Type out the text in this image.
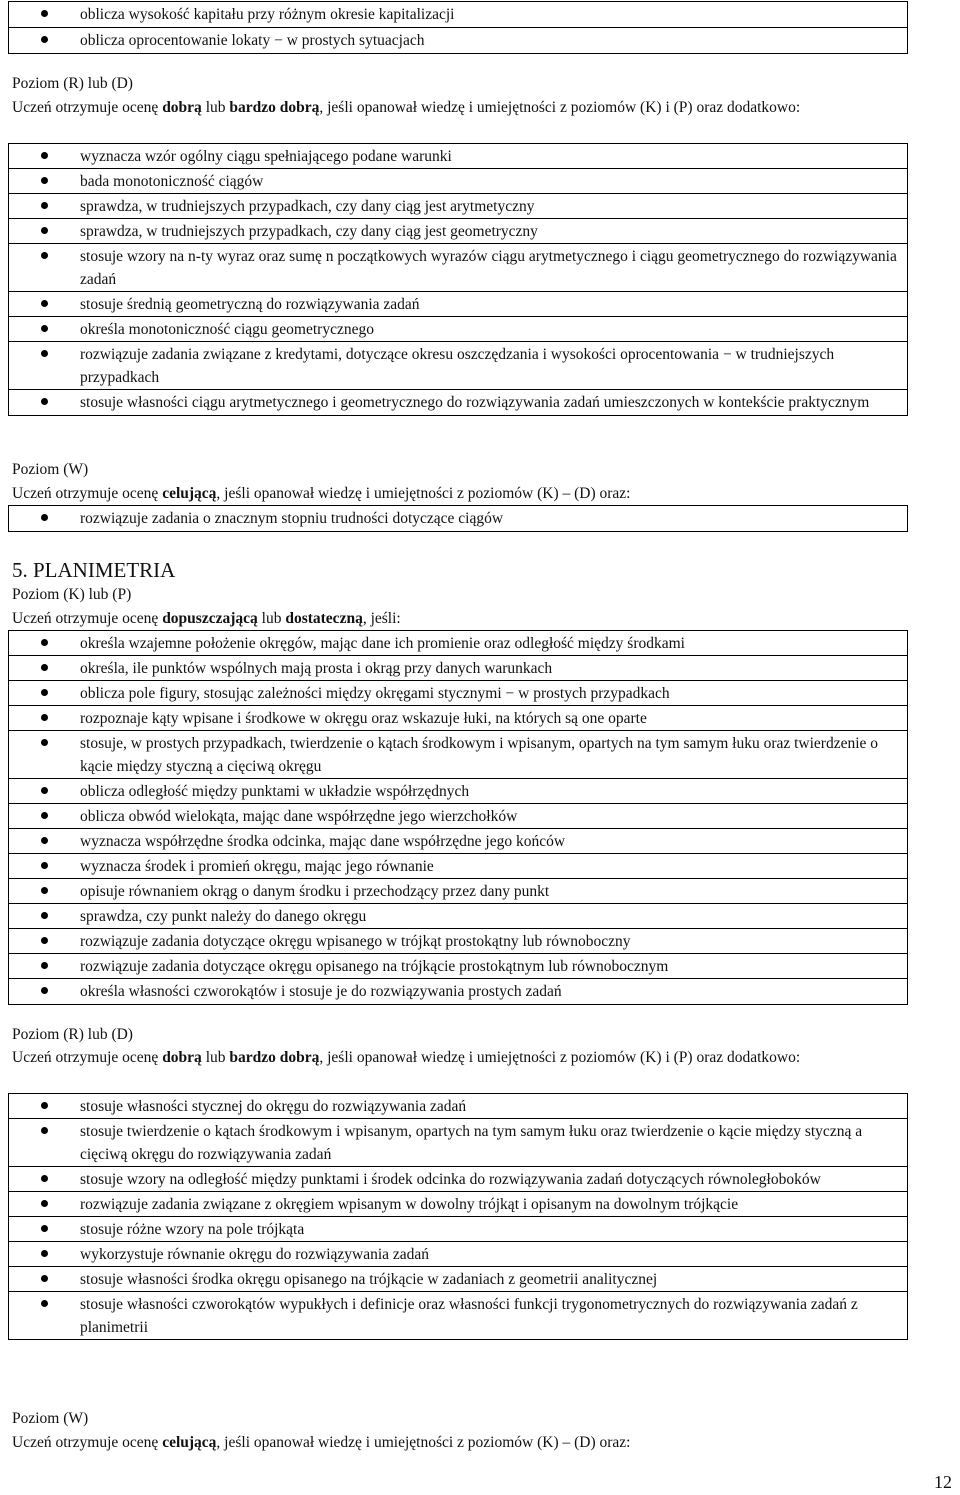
oblicza wysokość kapitału przy różnym okresie kapitalizacji
oblicza oprocentowanie lokaty − w prostych sytuacjach
Poziom (R) lub (D)
Uczeń otrzymuje ocenę dobrą lub bardzo dobrą, jeśli opanował wiedzę i umiejętności z poziomów (K) i (P) oraz dodatkowo:
wyznacza wzór ogólny ciągu spełniającego podane warunki
bada monotoniczność ciągów
sprawdza, w trudniejszych przypadkach, czy dany ciąg jest arytmetyczny
sprawdza, w trudniejszych przypadkach, czy dany ciąg jest geometryczny
stosuje wzory na n-ty wyraz oraz sumę n początkowych wyrazów ciągu arytmetycznego i ciągu geometrycznego do rozwiązywania zadań
stosuje średnią geometryczną do rozwiązywania zadań
określa monotoniczność ciągu geometrycznego
rozwiązuje zadania związane z kredytami, dotyczące okresu oszczędzania i wysokości oprocentowania − w trudniejszych przypadkach
stosuje własności ciągu arytmetycznego i geometrycznego do rozwiązywania zadań umieszczonych w kontekście praktycznym
Poziom (W)
Uczeń otrzymuje ocenę celującą, jeśli opanował wiedzę i umiejętności z poziomów (K) – (D) oraz:
rozwiązuje zadania o znacznym stopniu trudności dotyczące ciągów
5. PLANIMETRIA
Poziom (K) lub (P)
Uczeń otrzymuje ocenę dopuszczającą lub dostateczną, jeśli:
określa wzajemne położenie okręgów, mając dane ich promienie oraz odległość między środkami
określa, ile punktów wspólnych mają prosta i okrąg przy danych warunkach
oblicza pole figury, stosując zależności między okręgami stycznymi − w prostych przypadkach
rozpoznaje kąty wpisane i środkowe w okręgu oraz wskazuje łuki, na których są one oparte
stosuje, w prostych przypadkach, twierdzenie o kątach środkowym i wpisanym, opartych na tym samym łuku oraz twierdzenie o kącie między styczną a cięciwą okręgu
oblicza odległość między punktami w układzie współrzędnych
oblicza obwód wielokąta, mając dane współrzędne jego wierzchołków
wyznacza współrzędne środka odcinka, mając dane współrzędne jego końców
wyznacza środek i promień okręgu, mając jego równanie
opisuje równaniem okrąg o danym środku i przechodzący przez dany punkt
sprawdza, czy punkt należy do danego okręgu
rozwiązuje zadania dotyczące okręgu wpisanego w trójkąt prostokątny lub równoboczny
rozwiązuje zadania dotyczące okręgu opisanego na trójkącie prostokątnym lub równobocznym
określa własności czworokątów i stosuje je do rozwiązywania prostych zadań
Poziom (R) lub (D)
Uczeń otrzymuje ocenę dobrą lub bardzo dobrą, jeśli opanował wiedzę i umiejętności z poziomów (K) i (P) oraz dodatkowo:
stosuje własności stycznej do okręgu do rozwiązywania zadań
stosuje twierdzenie o kątach środkowym i wpisanym, opartych na tym samym łuku oraz twierdzenie o kącie między styczną a cięciwą okręgu do rozwiązywania zadań
stosuje wzory na odległość między punktami i środek odcinka do rozwiązywania zadań dotyczących równoległoboków
rozwiązuje zadania związane z okręgiem wpisanym w dowolny trójkąt i opisanym na dowolnym trójkącie
stosuje różne wzory na pole trójkąta
wykorzystuje równanie okręgu do rozwiązywania zadań
stosuje własności środka okręgu opisanego na trójkącie w zadaniach z geometrii analitycznej
stosuje własności czworokątów wypukłych i definicje oraz własności funkcji trygonometrycznych do rozwiązywania zadań z planimetrii
Poziom (W)
Uczeń otrzymuje ocenę celującą, jeśli opanował wiedzę i umiejętności z poziomów (K) – (D) oraz:
12
